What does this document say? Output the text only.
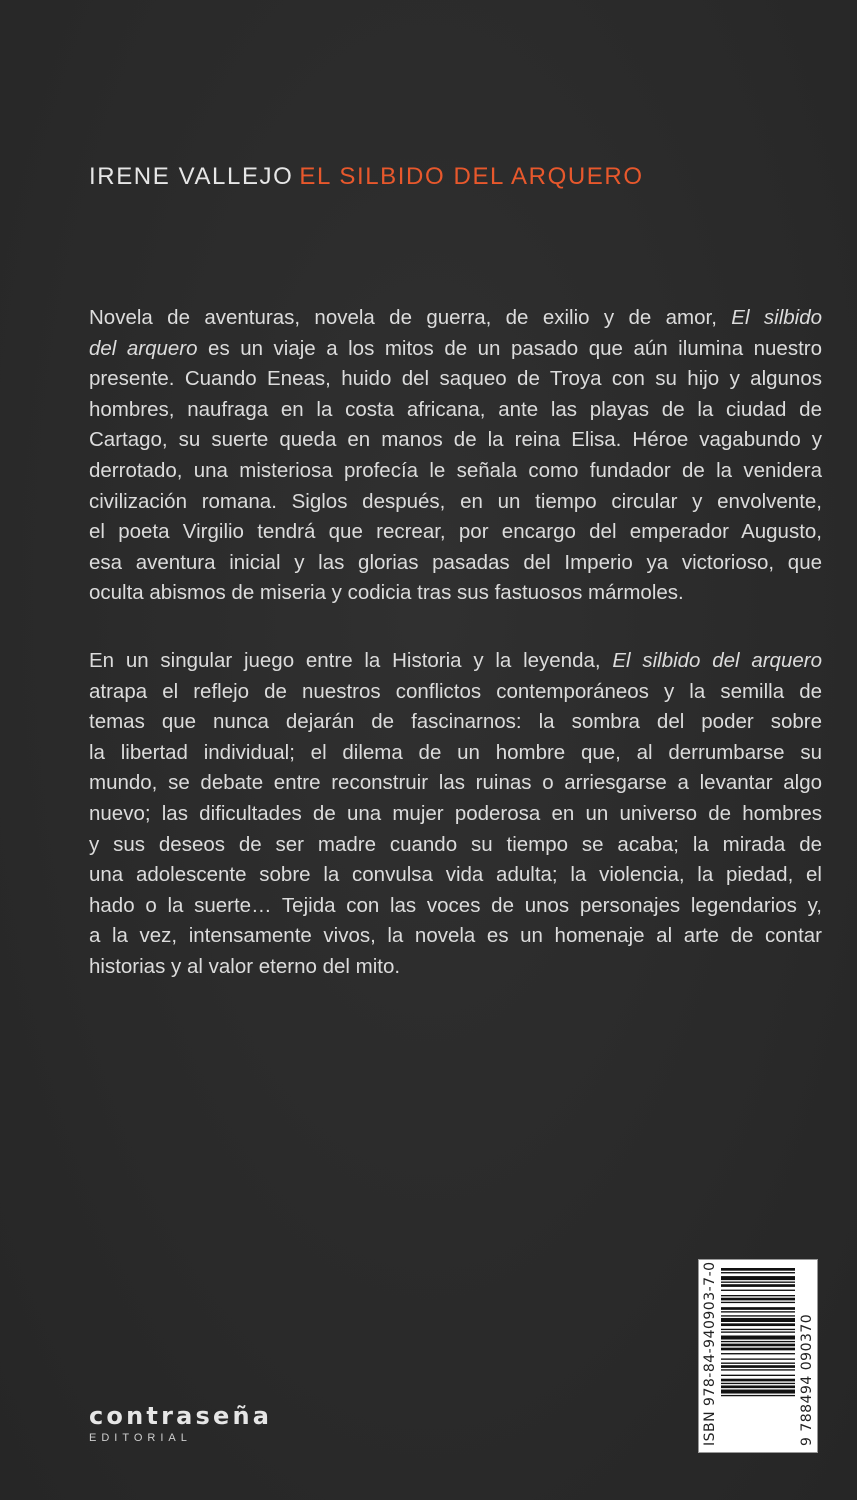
IRENE VALLEJO EL SILBIDO DEL ARQUERO
Novela de aventuras, novela de guerra, de exilio y de amor, El silbido
del arquero es un viaje a los mitos de un pasado que aún ilumina nuestro
presente. Cuando Eneas, huido del saqueo de Troya con su hijo y algunos
hombres, naufraga en la costa africana, ante las playas de la ciudad de
Cartago, su suerte queda en manos de la reina Elisa. Héroe vagabundo y
derrotado, una misteriosa profecía le señala como fundador de la venidera
civilización romana. Siglos después, en un tiempo circular y envolvente,
el poeta Virgilio tendrá que recrear, por encargo del emperador Augusto,
esa aventura inicial y las glorias pasadas del Imperio ya victorioso, que
oculta abismos de miseria y codicia tras sus fastuosos mármoles.
En un singular juego entre la Historia y la leyenda, El silbido del arquero
atrapa el reflejo de nuestros conflictos contemporáneos y la semilla de
temas que nunca dejarán de fascinarnos: la sombra del poder sobre
la libertad individual; el dilema de un hombre que, al derrumbarse su
mundo, se debate entre reconstruir las ruinas o arriesgarse a levantar algo
nuevo; las dificultades de una mujer poderosa en un universo de hombres
y sus deseos de ser madre cuando su tiempo se acaba; la mirada de
una adolescente sobre la convulsa vida adulta; la violencia, la piedad, el
hado o la suerte… Tejida con las voces de unos personajes legendarios y,
a la vez, intensamente vivos, la novela es un homenaje al arte de contar
historias y al valor eterno del mito.
contraseña
EDITORIAL	ISBN 978-84-940903-7-0	9 788494 090370
